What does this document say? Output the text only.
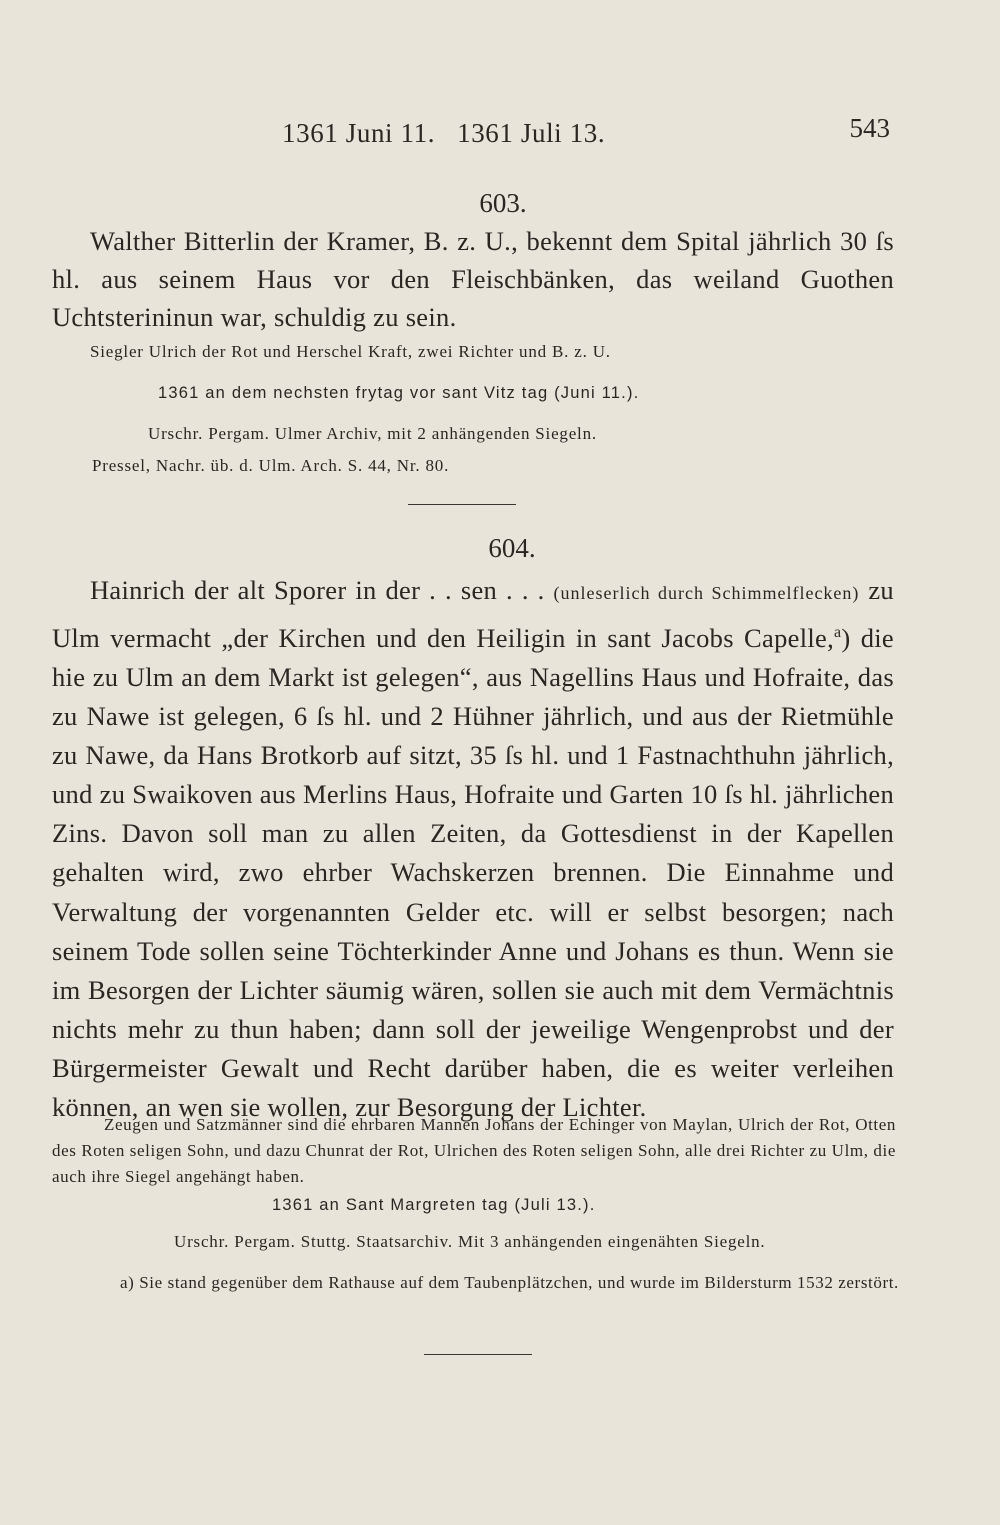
1361 Juni 11.   1361 Juli 13.	543
603.

Walther Bitterlin der Kramer, B. z. U., bekennt dem Spital jährlich 30 ſs hl. aus seinem Haus vor den Fleischbänken, das weiland Guothen Uchtsterininun war, schuldig zu sein.

Siegler Ulrich der Rot und Herschel Kraft, zwei Richter und B. z. U.
1361 an dem nechsten frytag vor sant Vitz tag (Juni 11.).
Urschr. Pergam. Ulmer Archiv, mit 2 anhängenden Siegeln.
Pressel, Nachr. üb. d. Ulm. Arch. S. 44, Nr. 80.
604.

Hainrich der alt Sporer in der . . sen . . . (unleserlich durch Schimmelflecken) zu Ulm vermacht „der Kirchen und den Heiligin in sant Jacobs Capelle,$^a$) die hie zu Ulm an dem Markt ist gelegen“, aus Nagellins Haus und Hofraite, das zu Nawe ist gelegen, 6 ſs hl. und 2 Hühner jährlich, und aus der Rietmühle zu Nawe, da Hans Brotkorb auf sitzt, 35 ſs hl. und 1 Fastnachthuhn jährlich, und zu Swaikoven aus Merlins Haus, Hofraite und Garten 10 ſs hl. jährlichen Zins. Davon soll man zu allen Zeiten, da Gottesdienst in der Kapellen gehalten wird, zwo ehrber Wachskerzen brennen. Die Einnahme und Verwaltung der vorgenannten Gelder etc. will er selbst besorgen; nach seinem Tode sollen seine Töchterkinder Anne und Johans es thun. Wenn sie im Besorgen der Lichter säumig wären, sollen sie auch mit dem Vermächtnis nichts mehr zu thun haben; dann soll der jeweilige Wengenprobst und der Bürgermeister Gewalt und Recht darüber haben, die es weiter verleihen können, an wen sie wollen, zur Besorgung der Lichter.

Zeugen und Satzmänner sind die ehrbaren Mannen Johans der Echinger von Maylan, Ulrich der Rot, Otten des Roten seligen Sohn, und dazu Chunrat der Rot, Ulrichen des Roten seligen Sohn, alle drei Richter zu Ulm, die auch ihre Siegel angehängt haben.
1361 an Sant Margreten tag (Juli 13.).
Urschr. Pergam. Stuttg. Staatsarchiv. Mit 3 anhängenden eingenähten Siegeln.
a) Sie stand gegenüber dem Rathause auf dem Taubenplätzchen, und wurde im Bildersturm 1532 zerstört.
